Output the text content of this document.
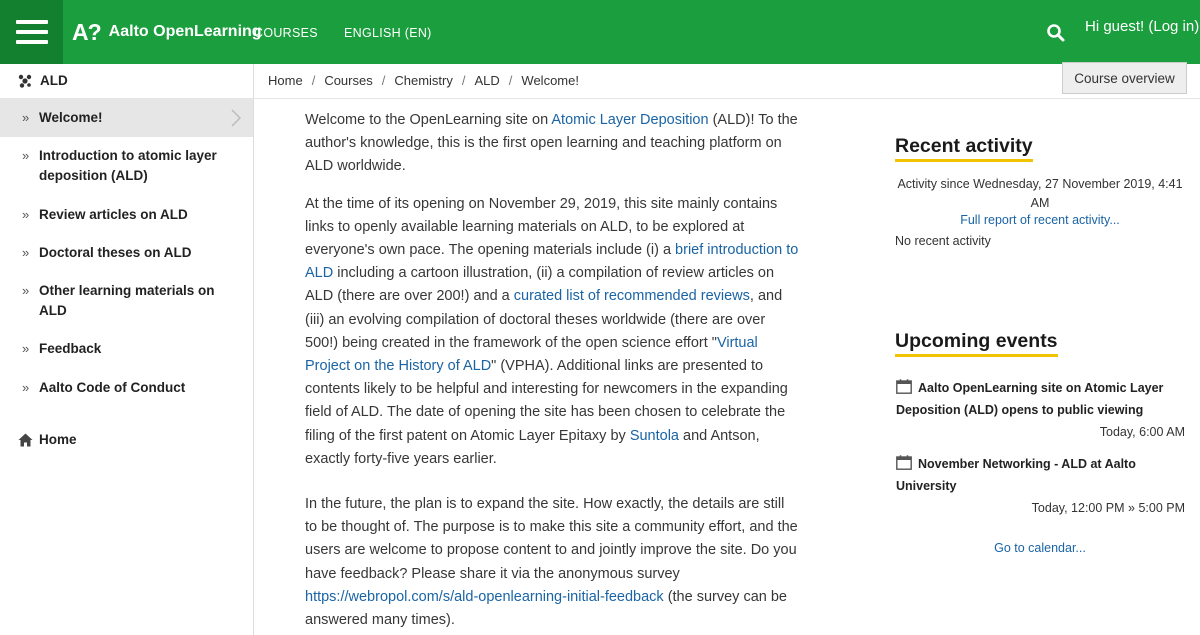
A? Aalto OpenLearning
COURSES ENGLISH (EN)	Hi guest! (Log in)
ALD
» Welcome!
» Introduction to atomic layer deposition (ALD)
» Review articles on ALD
» Doctoral theses on ALD
» Other learning materials on ALD
» Feedback
» Aalto Code of Conduct
Home
Home / Courses / Chemistry / ALD / Welcome!	Course overview

Welcome to the OpenLearning site on Atomic Layer Deposition (ALD)! To the author's knowledge, this is the first open learning and teaching platform on ALD worldwide.

At the time of its opening on November 29, 2019, this site mainly contains links to openly available learning materials on ALD, to be explored at everyone's own pace. The opening materials include (i) a brief introduction to ALD including a cartoon illustration, (ii) a compilation of review articles on ALD (there are over 200!) and a curated list of recommended reviews, and (iii) an evolving compilation of doctoral theses worldwide (there are over 500!) being created in the framework of the open science effort "Virtual Project on the History of ALD" (VPHA). Additional links are presented to contents likely to be helpful and interesting for newcomers in the expanding field of ALD. The date of opening the site has been chosen to celebrate the filing of the first patent on Atomic Layer Epitaxy by Suntola and Antson, exactly forty-five years earlier.

In the future, the plan is to expand the site. How exactly, the details are still to be thought of. The purpose is to make this site a community effort, and the users are welcome to propose content to and jointly improve the site. Do you have feedback? Please share it via the anonymous survey https://webropol.com/s/ald-openlearning-initial-feedback (the survey can be answered many times).

Recent activity
Activity since Wednesday, 27 November 2019, 4:41 AM
Full report of recent activity...
No recent activity
Upcoming events
Aalto OpenLearning site on Atomic Layer Deposition (ALD) opens to public viewing
Today, 6:00 AM
November Networking - ALD at Aalto University
Today, 12:00 PM » 5:00 PM
Go to calendar...
